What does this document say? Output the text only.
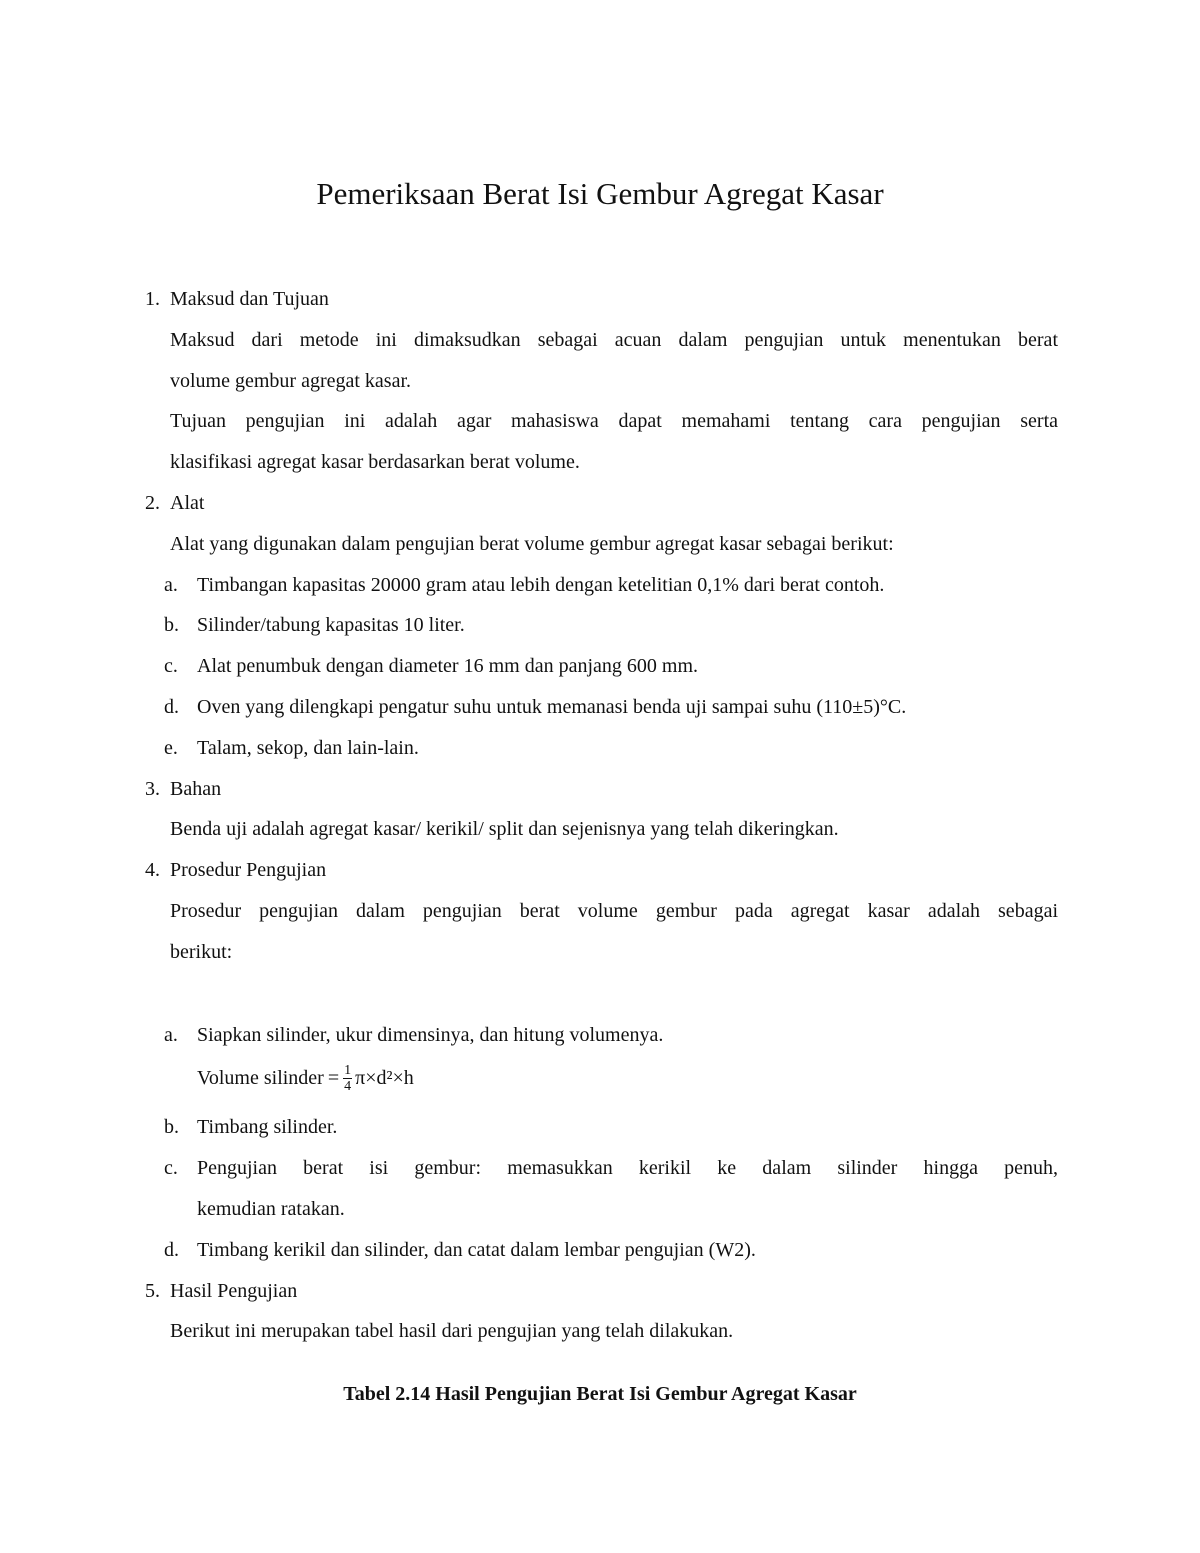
Pemeriksaan Berat Isi Gembur Agregat Kasar
1. Maksud dan Tujuan
Maksud dari metode ini dimaksudkan sebagai acuan dalam pengujian untuk menentukan berat
volume gembur agregat kasar.
Tujuan pengujian ini adalah agar mahasiswa dapat memahami tentang cara pengujian serta
klasifikasi agregat kasar berdasarkan berat volume.
2. Alat
Alat yang digunakan dalam pengujian berat volume gembur agregat kasar sebagai berikut:
a. Timbangan kapasitas 20000 gram atau lebih dengan ketelitian 0,1% dari berat contoh.
b. Silinder/tabung kapasitas 10 liter.
c. Alat penumbuk dengan diameter 16 mm dan panjang 600 mm.
d. Oven yang dilengkapi pengatur suhu untuk memanasi benda uji sampai suhu (110±5)°C.
e. Talam, sekop, dan lain-lain.
3. Bahan
Benda uji adalah agregat kasar/ kerikil/ split dan sejenisnya yang telah dikeringkan.
4. Prosedur Pengujian
Prosedur pengujian dalam pengujian berat volume gembur pada agregat kasar adalah sebagai
berikut:
a. Siapkan silinder, ukur dimensinya, dan hitung volumenya.
Volume silinder = $\frac{1}{4} \pi\times d^2\times h$
b. Timbang silinder.
c. Pengujian berat isi gembur: memasukkan kerikil ke dalam silinder hingga penuh,
kemudian ratakan.
d. Timbang kerikil dan silinder, dan catat dalam lembar pengujian (W2).
5. Hasil Pengujian
Berikut ini merupakan tabel hasil dari pengujian yang telah dilakukan.
Tabel 2.14 Hasil Pengujian Berat Isi Gembur Agregat Kasar
